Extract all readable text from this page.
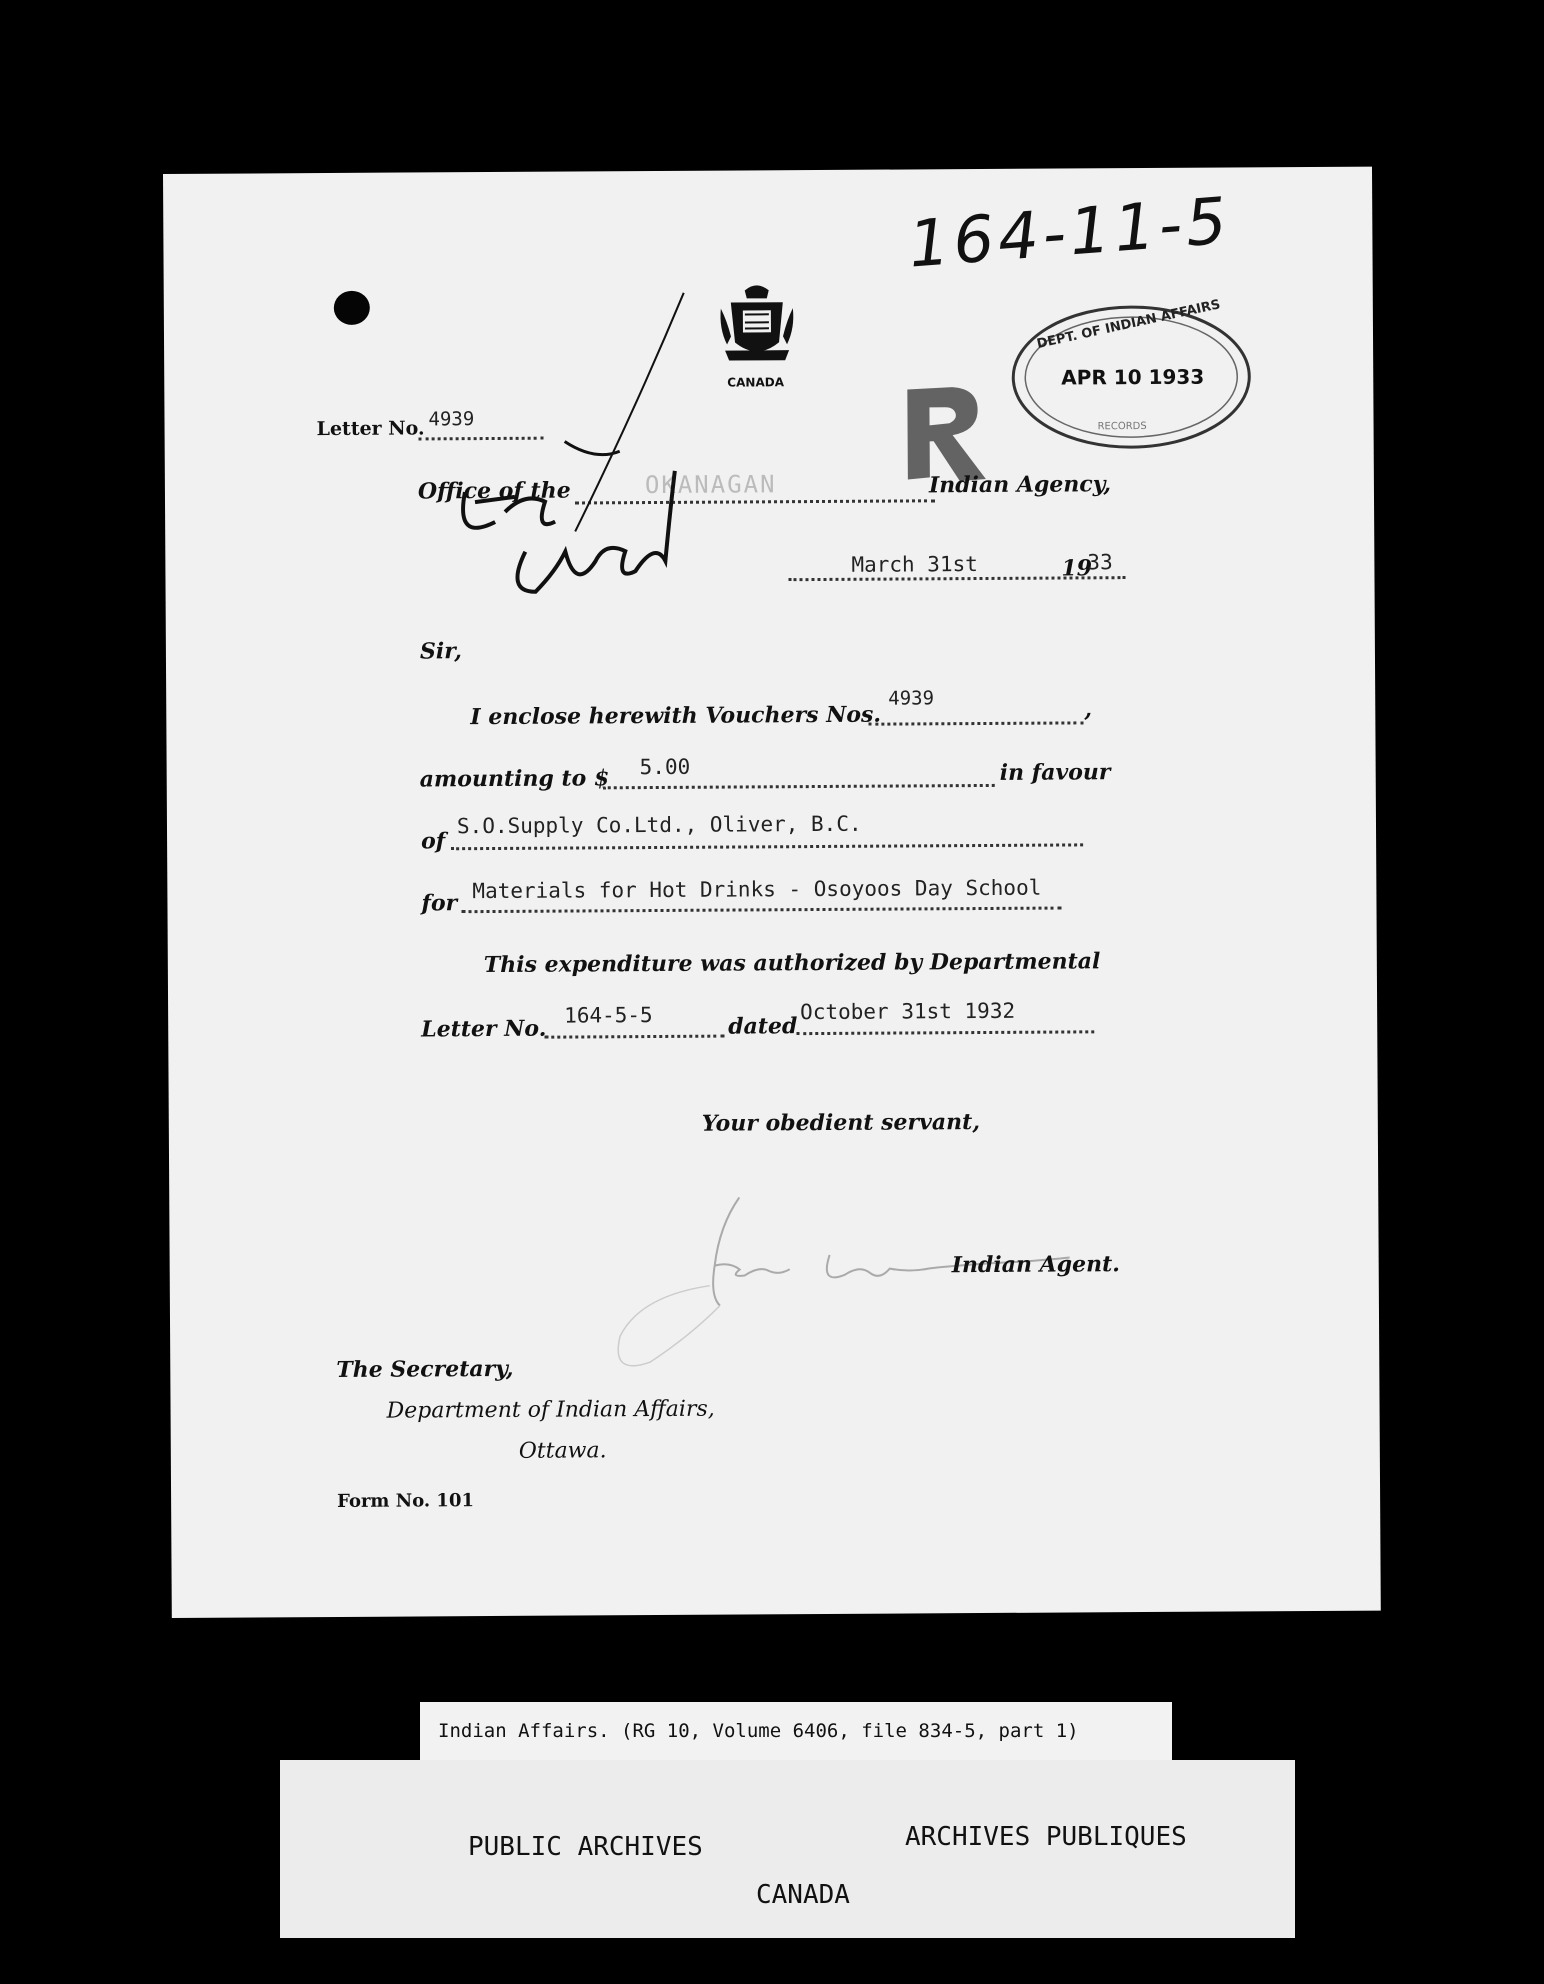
164-11-5
CANADA
DEPT. OF INDIAN AFFAIRS
APR 10 1933
RECORDS
Letter No. 4939
Office of the	OKANAGAN	Indian Agency,
March 31st	19
33
Sir,
I enclose herewith Vouchers Nos.
4939	,
amounting to $ 5.00	in favour
of
S.O.Supply Co.Ltd., Oliver, B.C.
for
Materials for Hot Drinks - Osoyoos Day School
This expenditure was authorized by Departmental
Letter No.
164-5-5	dated
October 31st 1932
Your obedient servant,
Indian Agent.
The Secretary,
Department of Indian Affairs,
Ottawa.
Form No. 101
Indian Affairs. (RG 10, Volume 6406, file 834-5, part 1)
PUBLIC ARCHIVES	ARCHIVES PUBLIQUES
CANADA
